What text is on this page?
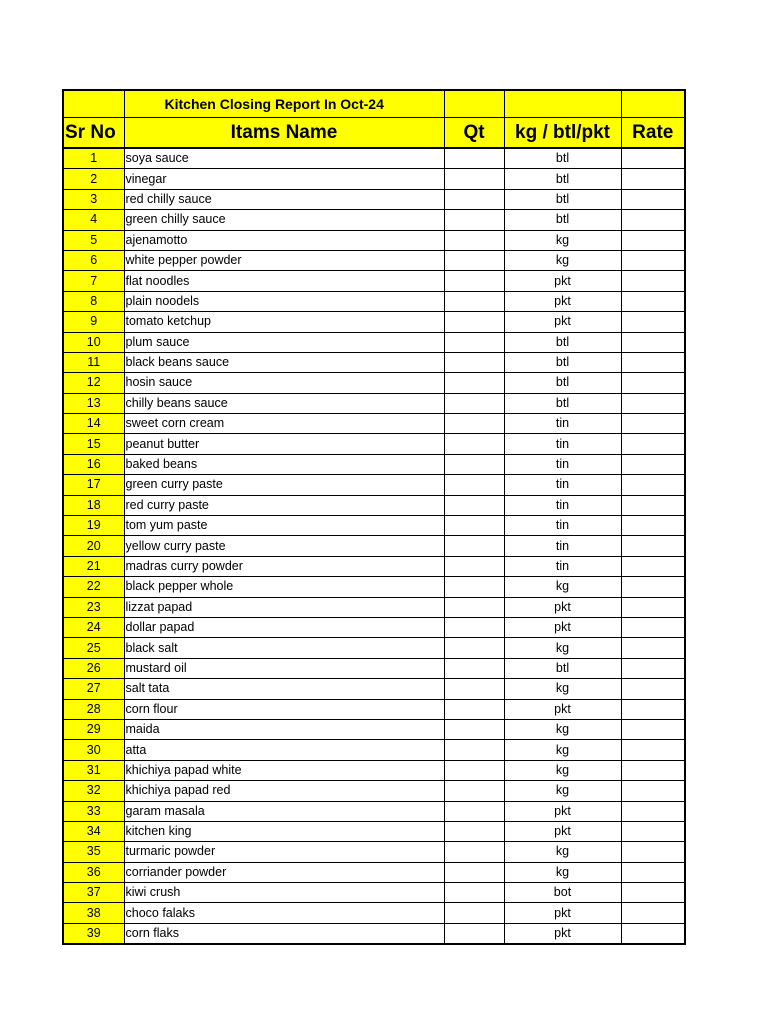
	Kitchen Closing Report In Oct-24			
Sr No	Itams Name	Qt	kg / btl/pkt	Rate
1	soya sauce		btl	
2	vinegar		btl	
3	red chilly sauce		btl	
4	green chilly sauce		btl	
5	ajenamotto		kg	
6	white pepper powder		kg	
7	flat noodles		pkt	
8	plain noodels		pkt	
9	tomato ketchup		pkt	
10	plum sauce		btl	
11	black beans sauce		btl	
12	hosin sauce		btl	
13	chilly beans sauce		btl	
14	sweet corn cream		tin	
15	peanut butter		tin	
16	baked beans		tin	
17	green curry paste		tin	
18	red curry paste		tin	
19	tom yum paste		tin	
20	yellow curry paste		tin	
21	madras curry powder		tin	
22	black pepper whole		kg	
23	lizzat papad		pkt	
24	dollar papad		pkt	
25	black salt		kg	
26	mustard oil		btl	
27	salt tata		kg	
28	corn flour		pkt	
29	maida		kg	
30	atta		kg	
31	khichiya papad white		kg	
32	khichiya papad red		kg	
33	garam masala		pkt	
34	kitchen king		pkt	
35	turmaric powder		kg	
36	corriander powder		kg	
37	kiwi crush		bot	
38	choco falaks		pkt	
39	corn flaks		pkt	
